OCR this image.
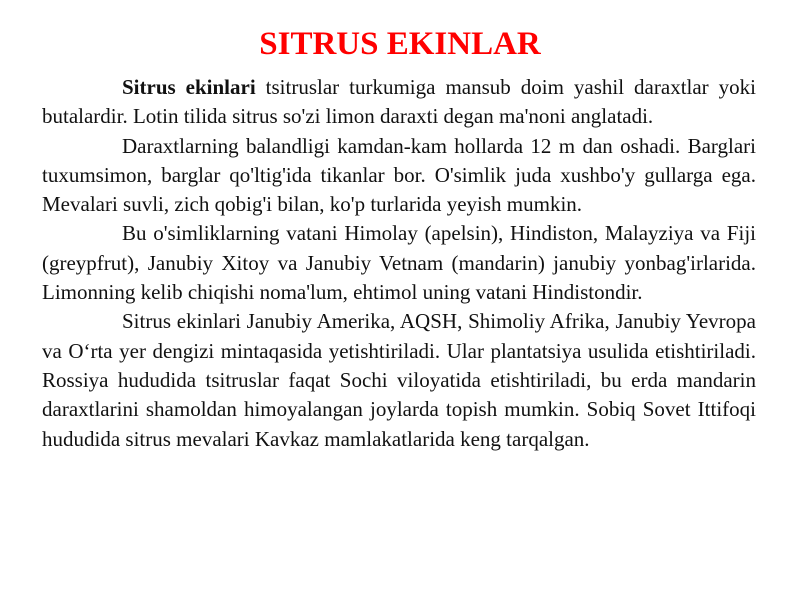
SITRUS EKINLAR

Sitrus ekinlari tsitruslar turkumiga mansub doim yashil daraxtlar yoki butalardir. Lotin tilida sitrus so'zi limon daraxti degan ma'noni anglatadi.

Daraxtlarning balandligi kamdan-kam hollarda 12 m dan oshadi. Barglari tuxumsimon, barglar qo'ltig'ida tikanlar bor. O'simlik juda xushbo'y gullarga ega. Mevalari suvli, zich qobig'i bilan, ko'p turlarida yeyish mumkin.

Bu o'simliklarning vatani Himolay (apelsin), Hindiston, Malayziya va Fiji (greypfrut), Janubiy Xitoy va Janubiy Vetnam (mandarin) janubiy yonbag'irlarida. Limonning kelib chiqishi noma'lum, ehtimol uning vatani Hindistondir.

Sitrus ekinlari Janubiy Amerika, AQSH, Shimoliy Afrika, Janubiy Yevropa va O‘rta yer dengizi mintaqasida yetishtiriladi. Ular plantatsiya usulida etishtiriladi. Rossiya hududida tsitruslar faqat Sochi viloyatida etishtiriladi, bu erda mandarin daraxtlarini shamoldan himoyalangan joylarda topish mumkin. Sobiq Sovet Ittifoqi hududida sitrus mevalari Kavkaz mamlakatlarida keng tarqalgan.
